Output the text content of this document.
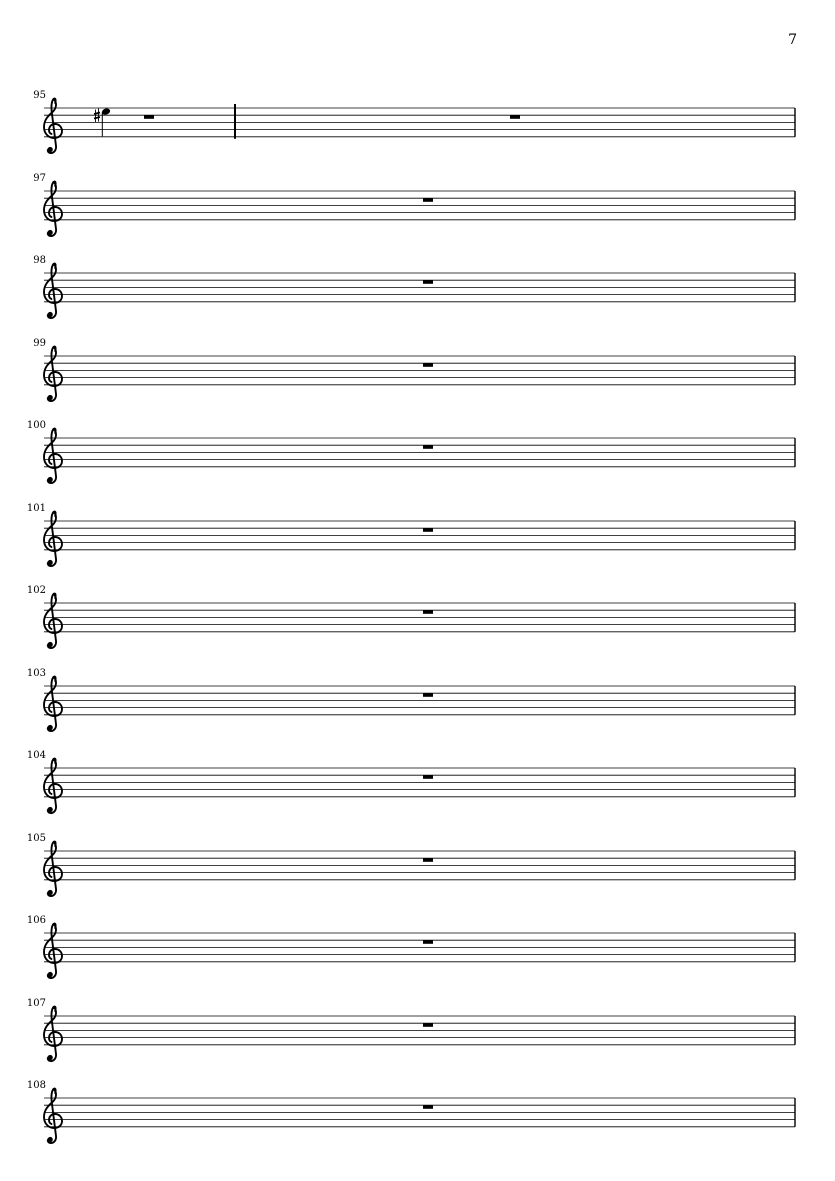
7
95
97
98
99
100
101
102
103
104
105
106
107
108
